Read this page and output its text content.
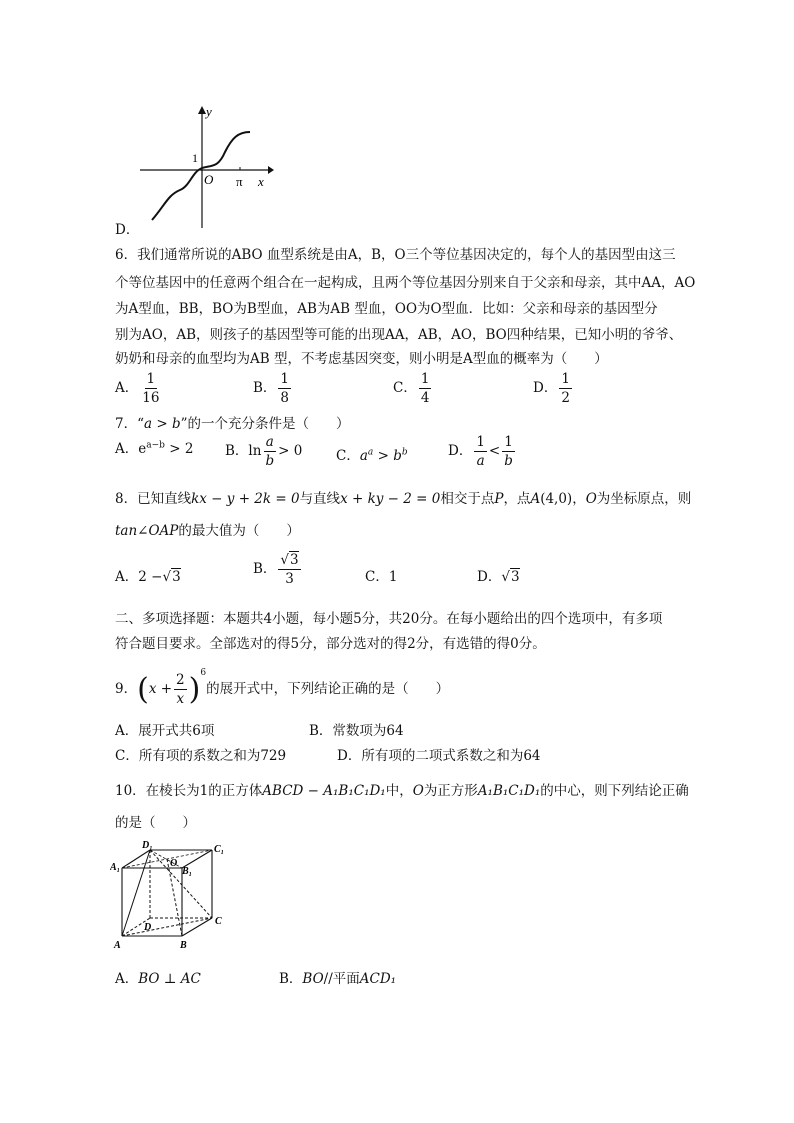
y
x
O
1
π
D．
6．我们通常所说的ABO 血型系统是由A，B，O三个等位基因决定的，每个人的基因型由这三
个等位基因中的任意两个组合在一起构成，且两个等位基因分别来自于父亲和母亲，其中AA，AO
为A型血，BB，BO为B型血，AB为AB 型血，OO为O型血．比如：父亲和母亲的基因型分
别为AO，AB，则孩子的基因型等可能的出现AA，AB，AO，BO四种结果，已知小明的爷爷、
奶奶和母亲的血型均为AB 型，不考虑基因突变，则小明是A型血的概率为（　　）
A． $\frac{1}{16}$	B． $\frac{1}{8}$	C． $\frac{1}{4}$	D． $\frac{1}{2}$
7．“a > b”的一个充分条件是（　　）
A．$e^{a-b} > 2$ B．$\ln \frac{a}{b} > 0$ C．$a^a > b^b$	D． $\frac{1}{a} < \frac{1}{b}$
8．已知直线kx − y + 2k = 0与直线x + ky − 2 = 0相交于点P，点A(4,0)，O为坐标原点，则
tan∠OAP的最大值为（　　）
A．2 −√3	B． $\frac{√3}{3}$	C．1	D．√3
二、多项选择题：本题共4小题，每小题5分，共20分。在每小题给出的四个选项中，有多项
符合题目要求。全部选对的得5分，部分选对的得2分，有选错的得0分。
9．$(x + \frac{2}{x} )^6$的展开式中，下列结论正确的是（　　）
A．展开式共6项	B．常数项为64
C．所有项的系数之和为729	D．所有项的二项式系数之和为64
10．在棱长为1的正方体ABCD − A₁B₁C₁D₁中，O为正方形A₁B₁C₁D₁的中心，则下列结论正确
的是（　　）
D₁	C₁
A₁	B₁
O
D
C
A	B
A．BO ⊥ AC	B．BO//平面ACD₁
